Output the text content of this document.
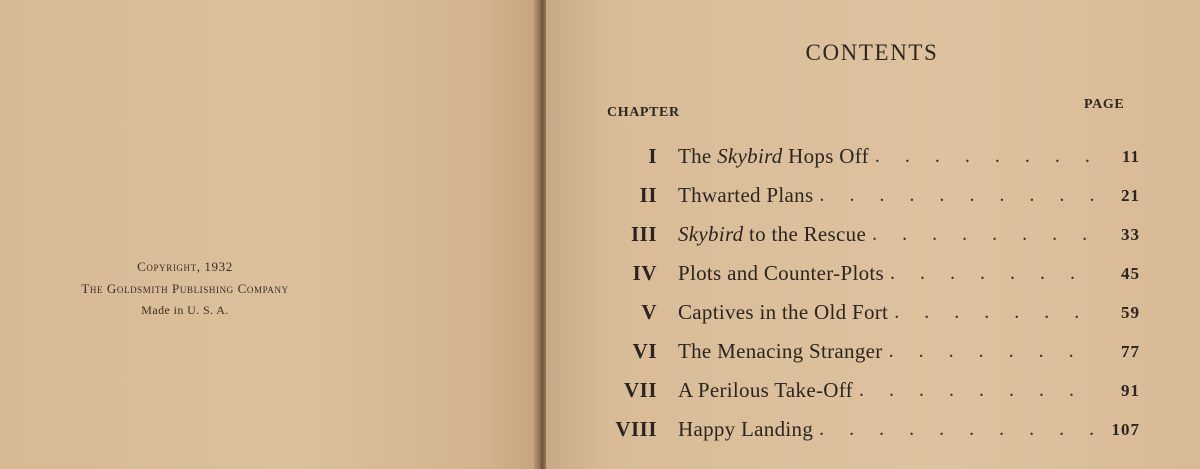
Copyright, 1932
The Goldsmith Publishing Company
Made in U. S. A.
CONTENTS
CHAPTER
PAGE
I	The Skybird Hops Off . . .	11
II	Thwarted Plans . . .	21
III	Skybird to the Rescue . . .	33
IV	Plots and Counter-Plots . . .	45
V	Captives in the Old Fort . . .	59
VI	The Menacing Stranger . . .	77
VII	A Perilous Take-Off . . .	91
VIII	Happy Landing . . .	107
